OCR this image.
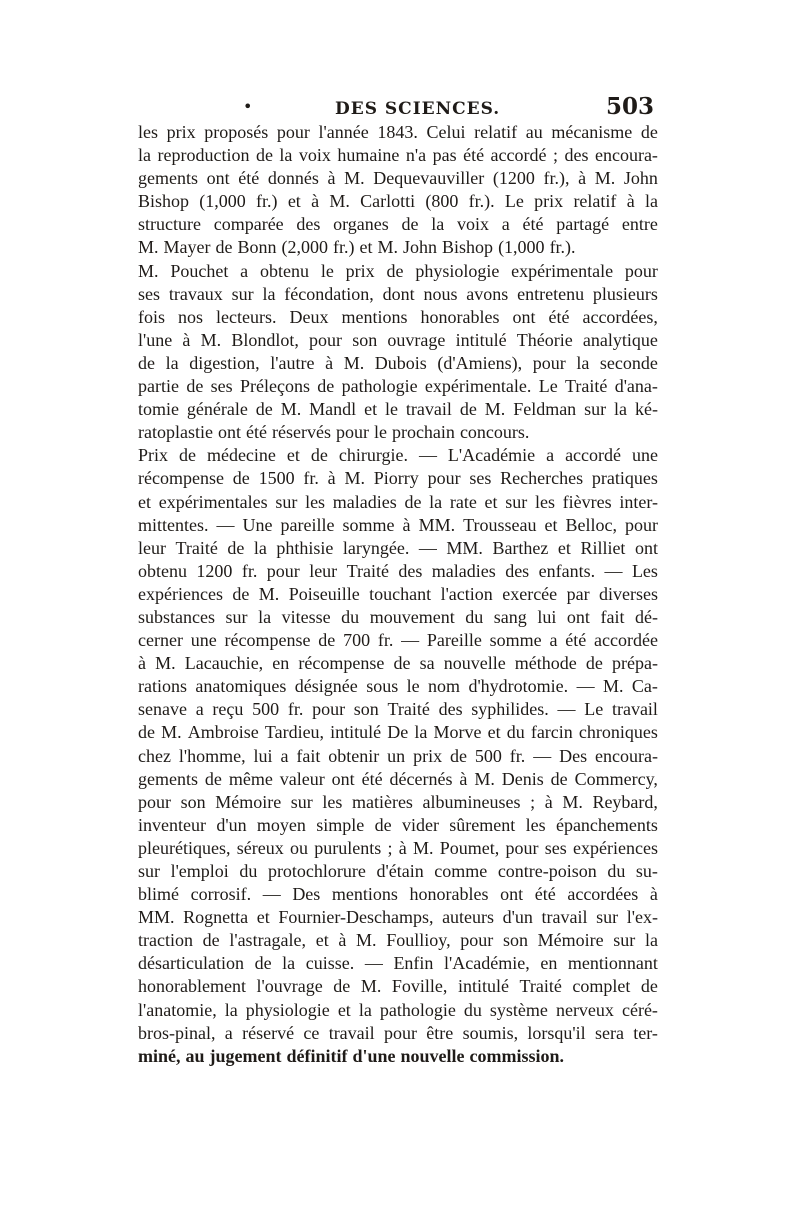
•	DES SCIENCES.	503
les prix proposés pour l'année 1843. Celui relatif au mécanisme de
la reproduction de la voix humaine n'a pas été accordé ; des encoura-
gements ont été donnés à M. Dequevauviller (1200 fr.), à M. John
Bishop (1,000 fr.) et à M. Carlotti (800 fr.). Le prix relatif à la
structure comparée des organes de la voix a été partagé entre
M. Mayer de Bonn (2,000 fr.) et M. John Bishop (1,000 fr.).
M. Pouchet a obtenu le prix de physiologie expérimentale pour
ses travaux sur la fécondation, dont nous avons entretenu plusieurs
fois nos lecteurs. Deux mentions honorables ont été accordées,
l'une à M. Blondlot, pour son ouvrage intitulé Théorie analytique
de la digestion, l'autre à M. Dubois (d'Amiens), pour la seconde
partie de ses Préleçons de pathologie expérimentale. Le Traité d'ana-
tomie générale de M. Mandl et le travail de M. Feldman sur la ké-
ratoplastie ont été réservés pour le prochain concours.
Prix de médecine et de chirurgie. — L'Académie a accordé une
récompense de 1500 fr. à M. Piorry pour ses Recherches pratiques
et expérimentales sur les maladies de la rate et sur les fièvres inter-
mittentes. — Une pareille somme à MM. Trousseau et Belloc, pour
leur Traité de la phthisie laryngée. — MM. Barthez et Rilliet ont
obtenu 1200 fr. pour leur Traité des maladies des enfants. — Les
expériences de M. Poiseuille touchant l'action exercée par diverses
substances sur la vitesse du mouvement du sang lui ont fait dé-
cerner une récompense de 700 fr. — Pareille somme a été accordée
à M. Lacauchie, en récompense de sa nouvelle méthode de prépa-
rations anatomiques désignée sous le nom d'hydrotomie. — M. Ca-
senave a reçu 500 fr. pour son Traité des syphilides. — Le travail
de M. Ambroise Tardieu, intitulé De la Morve et du farcin chroniques
chez l'homme, lui a fait obtenir un prix de 500 fr. — Des encoura-
gements de même valeur ont été décernés à M. Denis de Commercy,
pour son Mémoire sur les matières albumineuses ; à M. Reybard,
inventeur d'un moyen simple de vider sûrement les épanchements
pleurétiques, séreux ou purulents ; à M. Poumet, pour ses expériences
sur l'emploi du protochlorure d'étain comme contre-poison du su-
blimé corrosif. — Des mentions honorables ont été accordées à
MM. Rognetta et Fournier-Deschamps, auteurs d'un travail sur l'ex-
traction de l'astragale, et à M. Foullioy, pour son Mémoire sur la
désarticulation de la cuisse. — Enfin l'Académie, en mentionnant
honorablement l'ouvrage de M. Foville, intitulé Traité complet de
l'anatomie, la physiologie et la pathologie du système nerveux céré-
bros-pinal, a réservé ce travail pour être soumis, lorsqu'il sera ter-
miné, au jugement définitif d'une nouvelle commission.
